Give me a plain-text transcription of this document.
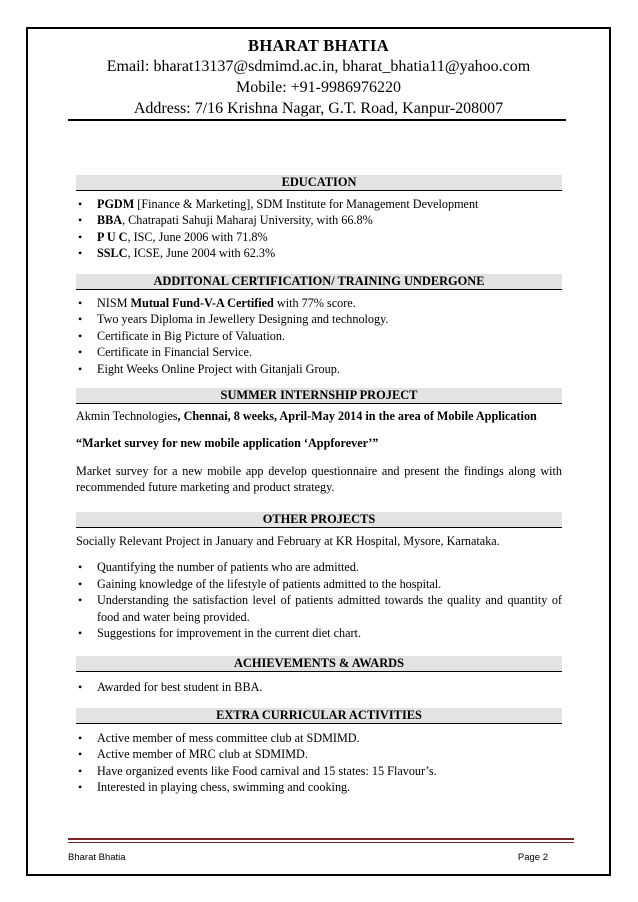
BHARAT BHATIA
Email: bharat13137@sdmimd.ac.in, bharat_bhatia11@yahoo.com
Mobile: +91-9986976220
Address: 7/16 Krishna Nagar, G.T. Road, Kanpur-208007
EDUCATION
• PGDM [Finance & Marketing], SDM Institute for Management Development
• BBA, Chatrapati Sahuji Maharaj University, with 66.8%
• P U C, ISC, June 2006 with 71.8%
• SSLC, ICSE, June 2004 with 62.3%
ADDITONAL CERTIFICATION/ TRAINING UNDERGONE
• NISM Mutual Fund-V-A Certified with 77% score.
• Two years Diploma in Jewellery Designing and technology.
• Certificate in Big Picture of Valuation.
• Certificate in Financial Service.
• Eight Weeks Online Project with Gitanjali Group.
SUMMER INTERNSHIP PROJECT
Akmin Technologies, Chennai, 8 weeks, April-May 2014 in the area of Mobile Application
“Market survey for new mobile application ‘Appforever’”
Market survey for a new mobile app develop questionnaire and present the findings along with recommended future marketing and product strategy.
OTHER PROJECTS
Socially Relevant Project in January and February at KR Hospital, Mysore, Karnataka.
• Quantifying the number of patients who are admitted.
• Gaining knowledge of the lifestyle of patients admitted to the hospital.
• Understanding the satisfaction level of patients admitted towards the quality and quantity of food and water being provided.
• Suggestions for improvement in the current diet chart.
ACHIEVEMENTS & AWARDS
• Awarded for best student in BBA.
EXTRA CURRICULAR ACTIVITIES
• Active member of mess committee club at SDMIMD.
• Active member of MRC club at SDMIMD.
• Have organized events like Food carnival and 15 states: 15 Flavour’s.
• Interested in playing chess, swimming and cooking.
Bharat Bhatia	Page 2
